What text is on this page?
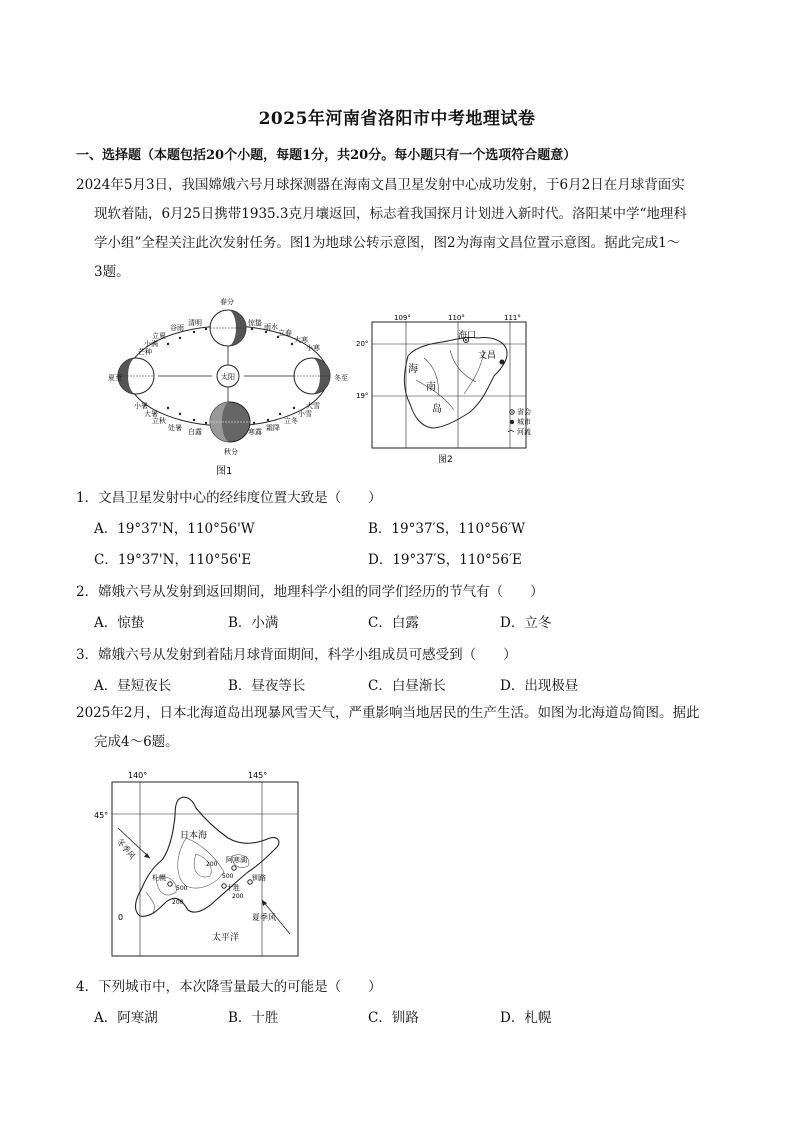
2025年河南省洛阳市中考地理试卷
一、选择题（本题包括20个小题，每题1分，共20分。每小题只有一个选项符合题意）
2024年5月3日，我国嫦娥六号月球探测器在海南文昌卫星发射中心成功发射，于6月2日在月球背面实
现软着陆，6月25日携带1935.3克月壤返回，标志着我国探月计划进入新时代。洛阳某中学“地理科
学小组”全程关注此次发射任务。图1为地球公转示意图，图2为海南文昌位置示意图。据此完成1～
3题。
太阳
春分
夏至
秋分
冬至
立夏
小满
芒种
谷雨
清明	惊蛰 雨水
立春
大寒
小寒
小暑
大暑
立秋
处暑 白露	寒露 霜降
立冬
小雪
大雪
图1
109°	110°	111°
20°
19°
海口
文昌
海
南
岛	省会
城市
河流
图2
1．文昌卫星发射中心的经纬度位置大致是（　　）
A．19°37'N，110°56'W	B．19°37′S，110°56′W
C．19°37'N，110°56'E	D．19°37′S，110°56′E
2．嫦娥六号从发射到返回期间，地理科学小组的同学们经历的节气有（　　）
A．惊蛰	B．小满	C．白露	D．立冬
3．嫦娥六号从发射到着陆月球背面期间，科学小组成员可感受到（　　）
A．昼短夜长	B．昼夜等长	C．白昼渐长	D．出现极昼
2025年2月，日本北海道岛出现暴风雪天气，严重影响当地居民的生产生活。如图为北海道岛简图。据此
完成4～6题。
140°	145°
45°
日本海
太平洋
冬季风
夏季风
札幌
阿寒湖
十胜
钏路
200
500
500
200
200
0
4．下列城市中，本次降雪量最大的可能是（　　）
A．阿寒湖	B．十胜	C．钏路	D．札幌
